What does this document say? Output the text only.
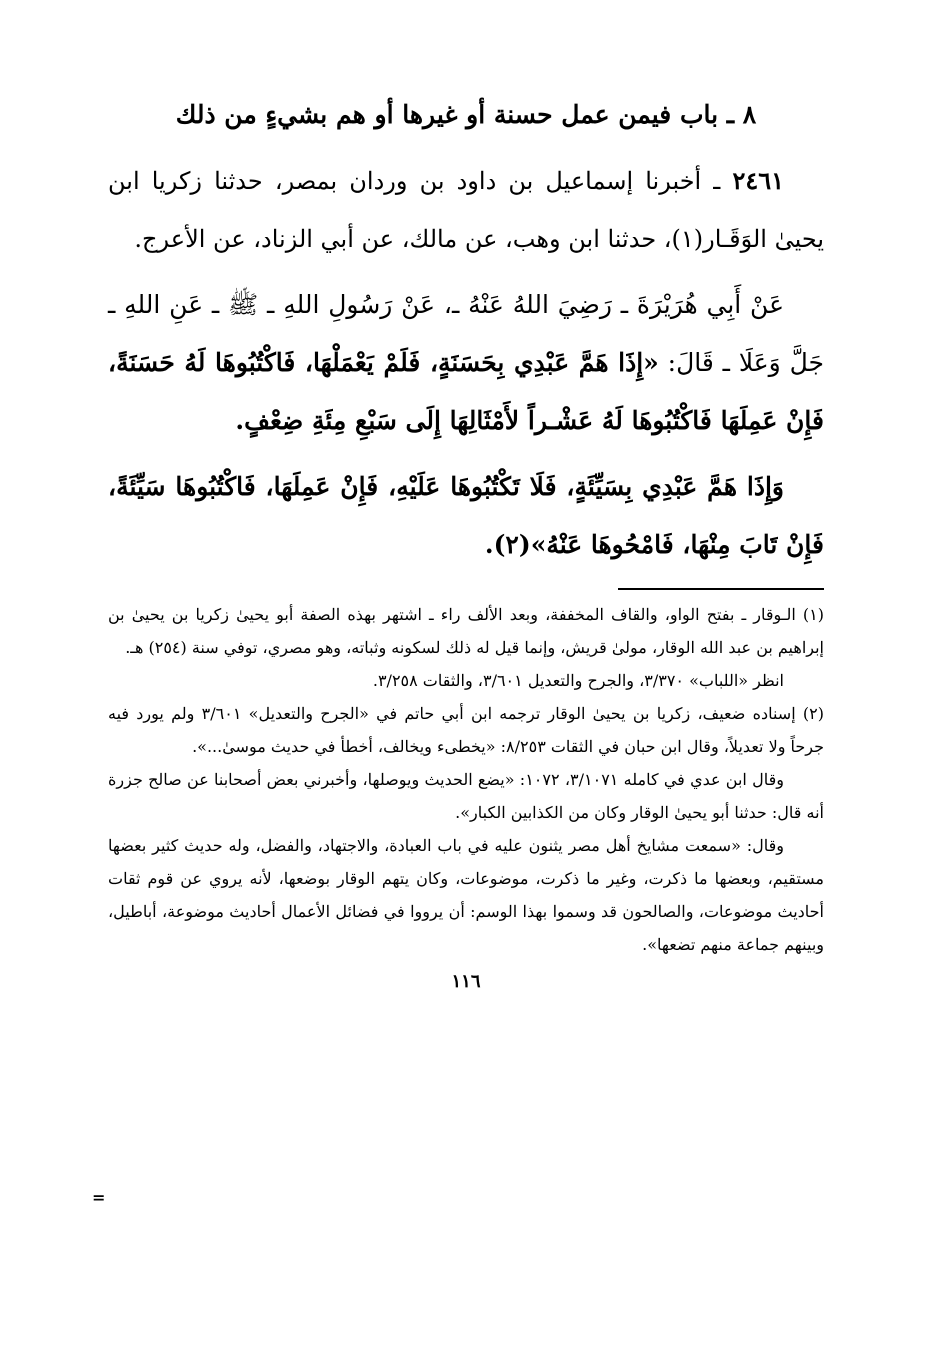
٨ ـ باب فيمن عمل حسنة أو غيرها أو هم بشيءٍ من ذلك

٢٤٦١ ـ أخبرنا إسماعيل بن داود بن وردان بمصر، حدثنا زكريا ابن يحيىٰ الوَقَـار(١)، حدثنا ابن وهب، عن مالك، عن أبي الزناد، عن الأعرج.

عَنْ أَبِي هُرَيْرَةَ ـ رَضِيَ اللهُ عَنْهُ ـ، عَنْ رَسُولِ اللهِ ـ ﷺ ـ عَنِ اللهِ ـ جَلَّ وَعَلَا ـ قَالَ: «إِذَا هَمَّ عَبْدِي بِحَسَنَةٍ، فَلَمْ يَعْمَلْهَا، فَاكْتُبُوهَا لَهُ حَسَنَةً، فَإِنْ عَمِلَهَا فَاكْتُبُوهَا لَهُ عَشْـراً لأَمْثَالِهَا إِلَى سَبْعِ مِئَةِ ضِعْفٍ.

وَإِذَا هَمَّ عَبْدِي بِسَيِّئَةٍ، فَلَا تَكْتُبُوهَا عَلَيْهِ، فَإِنْ عَمِلَهَا، فَاكْتُبُوهَا سَيِّئَةً، فَإِنْ تَابَ مِنْهَا، فَامْحُوهَا عَنْهُ»(٢).

(١) الـوقار ـ بفتح الواو، والقاف المخففة، وبعد الألف راء ـ اشتهر بهذه الصفة أبو يحيىٰ زكريا بن يحيىٰ بن إبراهيم بن عبد الله الوقار، مولىٰ قريش، وإنما قيل له ذلك لسكونه وثباته، وهو مصري، توفي سنة (٢٥٤) هـ.

انظر «اللباب» ٣/٣٧٠، والجرح والتعديل ٣/٦٠١، والثقات ٣/٢٥٨.

(٢) إسناده ضعيف، زكريا بن يحيىٰ الوقار ترجمه ابن أبي حاتم في «الجرح والتعديل» ٣/٦٠١ ولم يورد فيه جرحاً ولا تعديلاً، وقال ابن حبان في الثقات ٨/٢٥٣: «يخطىء ويخالف، أخطأ في حديث موسىٰ...».

وقال ابن عدي في كامله ٣/١٠٧١، ١٠٧٢: «يضع الحديث ويوصلها، وأخبرني بعض أصحابنا عن صالح جزرة أنه قال: حدثنا أبو يحيىٰ الوقار وكان من الكذابين الكبار».

وقال: «سمعت مشايخ أهل مصر يثنون عليه في باب العبادة، والاجتهاد، والفضل، وله حديث كثير بعضها مستقيم، وبعضها ما ذكرت، وغير ما ذكرت، موضوعات، وكان يتهم الوقار بوضعها، لأنه يروي عن قوم ثقات أحاديث موضوعات، والصالحون قد وسموا بهذا الوسم: أن يرووا في فضائل الأعمال أحاديث موضوعة، أباطيل، وبينهم جماعة منهم تضعها».

١١٦
=
